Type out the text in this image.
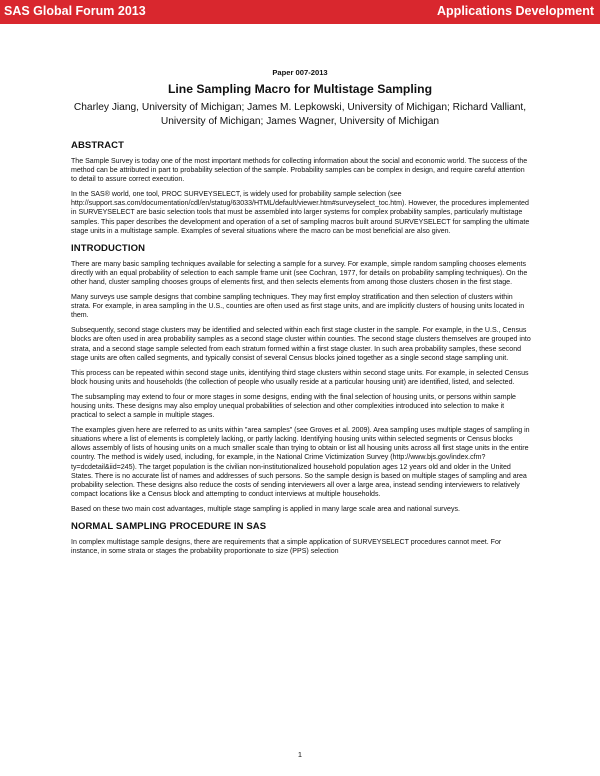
SAS Global Forum 2013	Applications Development
Paper 007-2013
Line Sampling Macro for Multistage Sampling
Charley Jiang, University of Michigan; James M. Lepkowski, University of Michigan; Richard Valliant, University of Michigan; James Wagner, University of Michigan
ABSTRACT

The Sample Survey is today one of the most important methods for collecting information about the social and economic world. The success of the method can be attributed in part to probability selection of the sample. Probability samples can be complex in design, and require careful attention to detail to assure correct execution.

In the SAS® world, one tool, PROC SURVEYSELECT, is widely used for probability sample selection (see http://support.sas.com/documentation/cdl/en/statug/63033/HTML/default/viewer.htm#surveyselect_toc.htm). However, the procedures implemented in SURVEYSELECT are basic selection tools that must be assembled into larger systems for complex probability samples, particularly multistage samples. This paper describes the development and operation of a set of sampling macros built around SURVEYSELECT for sampling the ultimate stage units in a multistage sample. Examples of several situations where the macro can be most beneficial are also given.

INTRODUCTION

There are many basic sampling techniques available for selecting a sample for a survey. For example, simple random sampling chooses elements directly with an equal probability of selection to each sample frame unit (see Cochran, 1977, for details on probability sampling techniques). On the other hand, cluster sampling chooses groups of elements first, and then selects elements from among those clusters chosen in the first stage.

Many surveys use sample designs that combine sampling techniques. They may first employ stratification and then selection of clusters within strata. For example, in area sampling in the U.S., counties are often used as first stage units, and are implicitly clusters of housing units located in them.

Subsequently, second stage clusters may be identified and selected within each first stage cluster in the sample. For example, in the U.S., Census blocks are often used in area probability samples as a second stage cluster within counties. The second stage clusters themselves are grouped into strata, and a second stage sample selected from each stratum formed within a first stage cluster. In such area probability samples, these second stage units are often called segments, and typically consist of several Census blocks joined together as a single second stage sampling unit.

This process can be repeated within second stage units, identifying third stage clusters within second stage units. For example, in selected Census block housing units and households (the collection of people who usually reside at a particular housing unit) are identified, listed, and selected.

The subsampling may extend to four or more stages in some designs, ending with the final selection of housing units, or persons within sample housing units. These designs may also employ unequal probabilities of selection and other complexities introduced into selection to make it practical to select a sample in multiple stages.

The examples given here are referred to as units within "area samples" (see Groves et al. 2009). Area sampling uses multiple stages of sampling in situations where a list of elements is completely lacking, or partly lacking. Identifying housing units within selected segments or Census blocks allows assembly of lists of housing units on a much smaller scale than trying to obtain or list all housing units across all first stage units in the entire country. The method is widely used, including, for example, in the National Crime Victimization Survey (http://www.bjs.gov/index.cfm?ty=dcdetail&iid=245). The target population is the civilian non-institutionalized household population ages 12 years old and older in the United States. There is no accurate list of names and addresses of such persons. So the sample design is based on multiple stages of sampling and area probability selection. These designs also reduce the costs of sending interviewers all over a large area, instead sending interviewers to relatively compact locations like a Census block and attempting to conduct interviews at multiple households.

Based on these two main cost advantages, multiple stage sampling is applied in many large scale area and national surveys.

NORMAL SAMPLING PROCEDURE IN SAS

In complex multistage sample designs, there are requirements that a simple application of SURVEYSELECT procedures cannot meet. For instance, in some strata or stages the probability proportionate to size (PPS) selection

1
